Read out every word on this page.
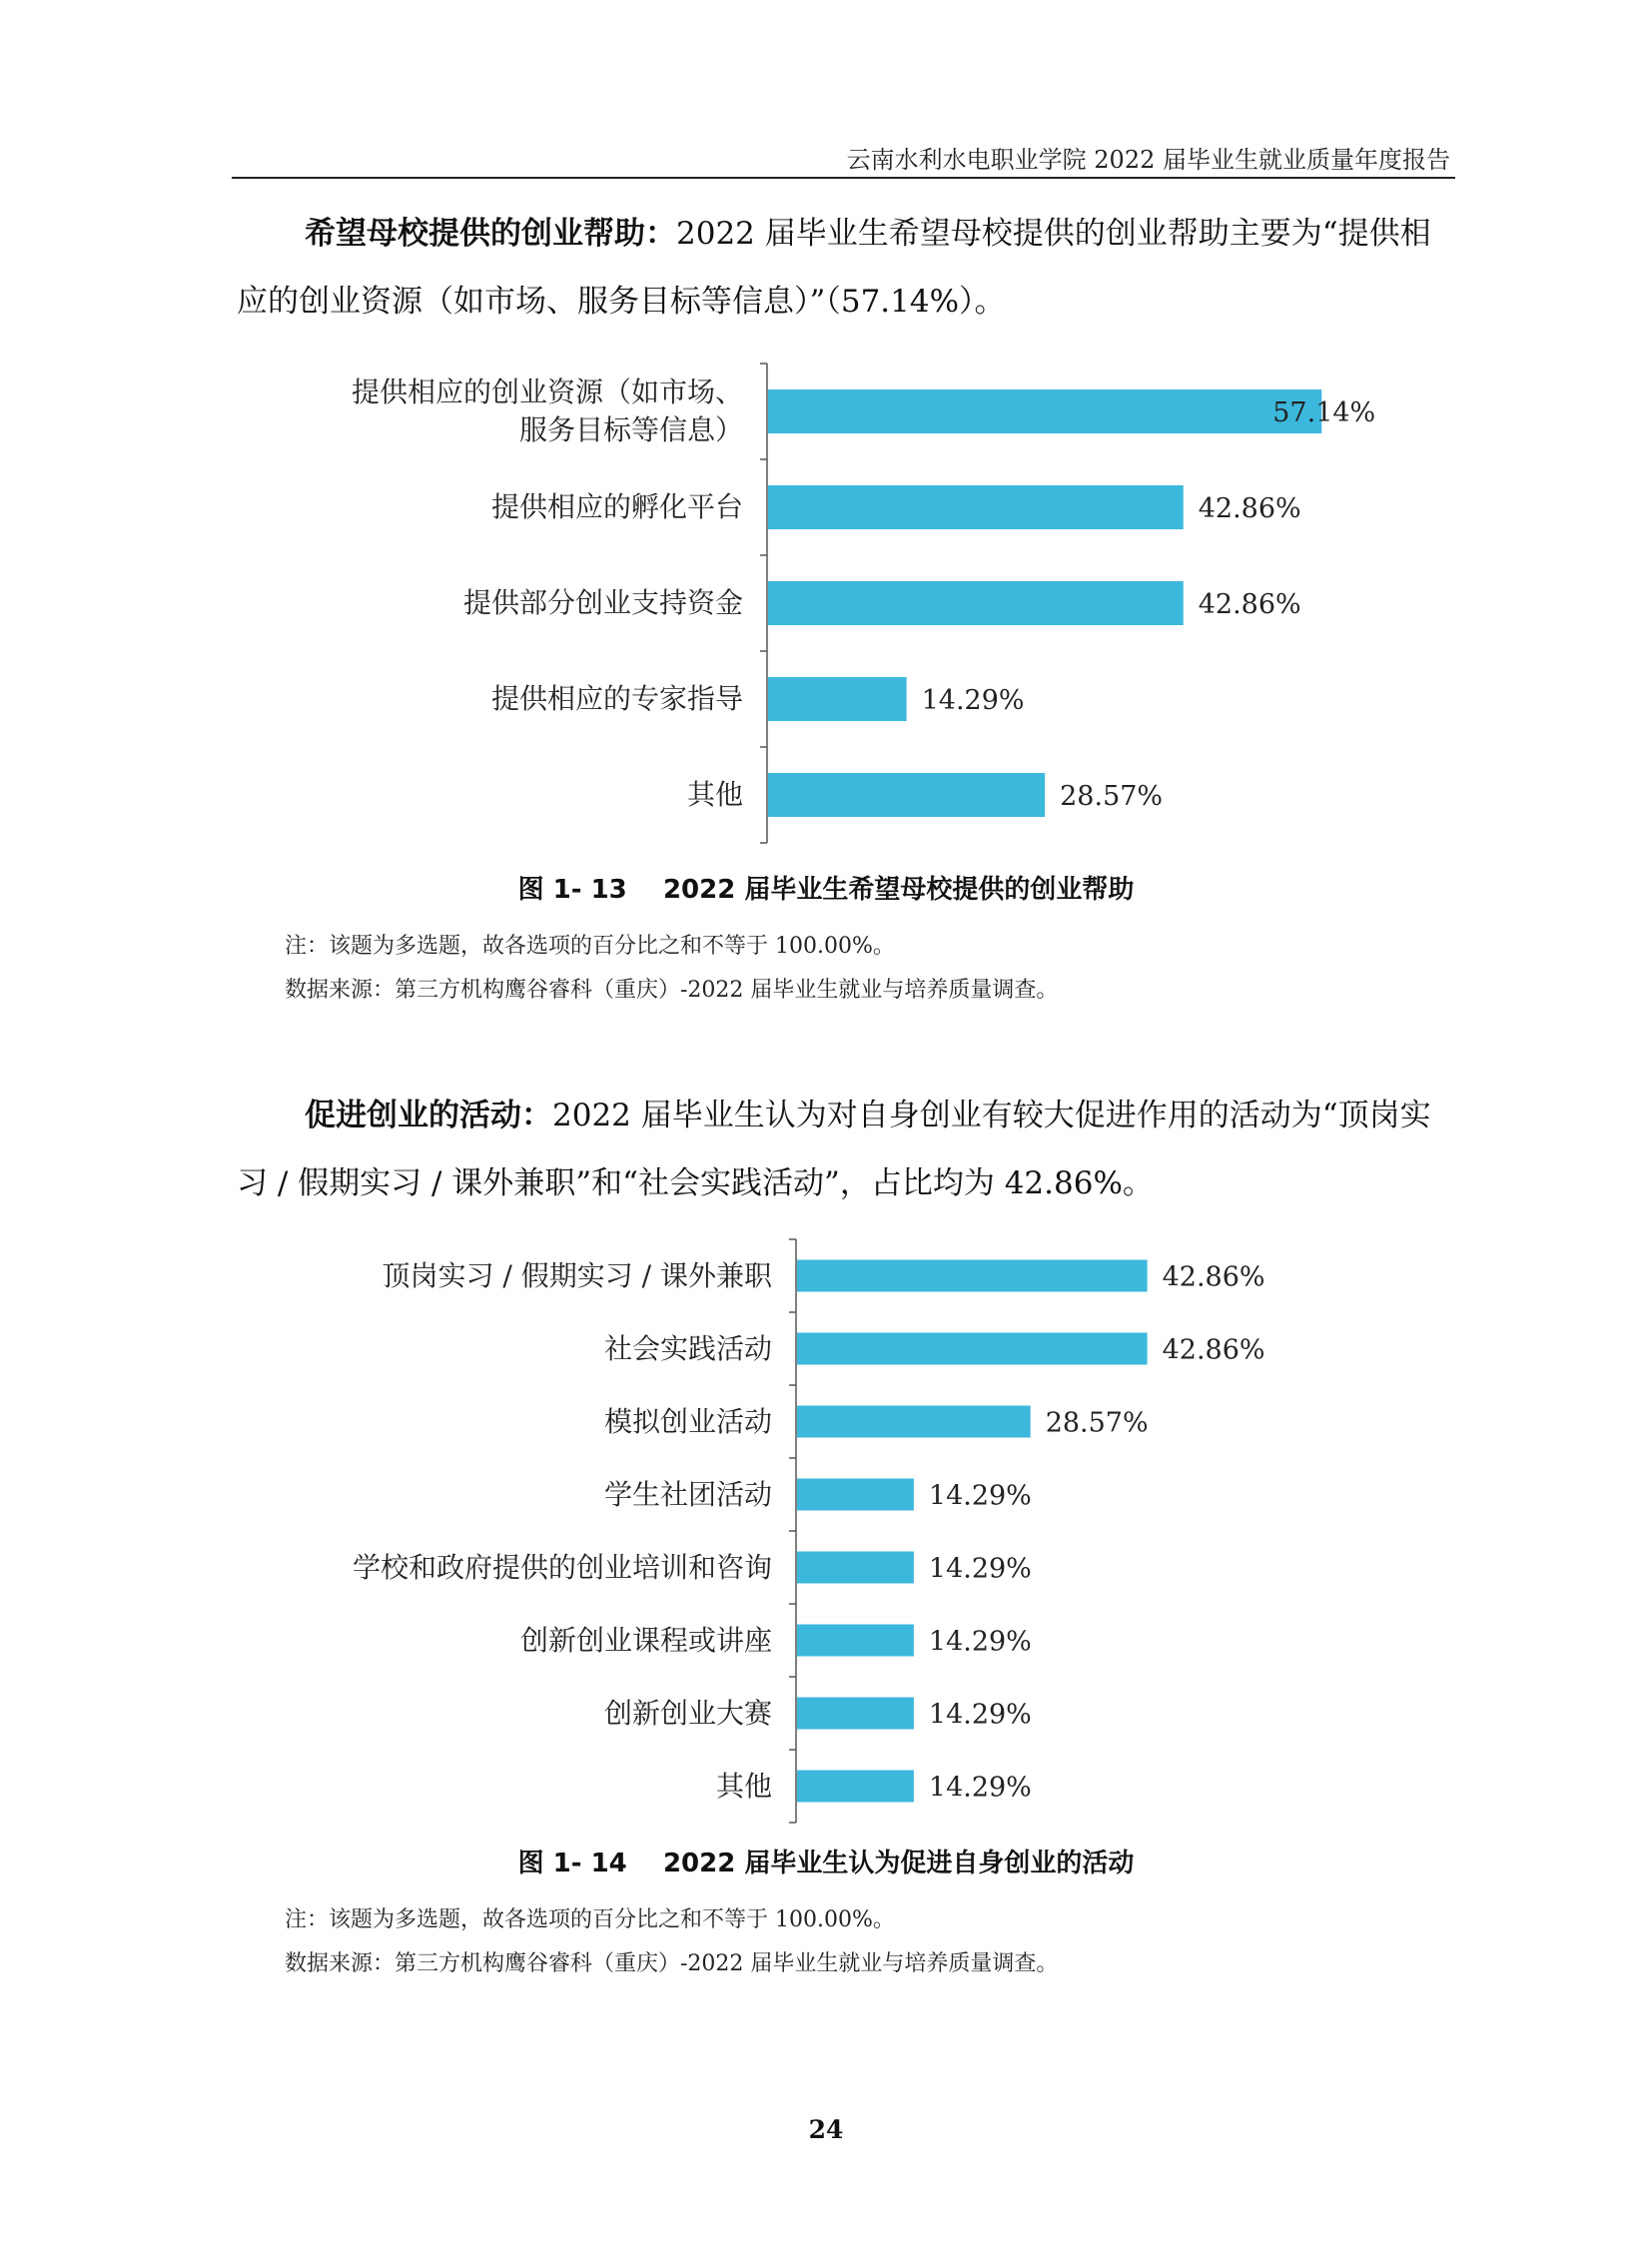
云南水利水电职业学院 2022 届毕业生就业质量年度报告
希望母校提供的创业帮助：2022 届毕业生希望母校提供的创业帮助主要为“提供相应的创业资源（如市场、服务目标等信息）”（57.14%）。
提供相应的创业资源（如市场、
服务目标等信息）
提供相应的孵化平台
提供部分创业支持资金
提供相应的专家指导
其他
57.14%
42.86%
42.86%
14.29%
28.57%
图 1- 13    2022 届毕业生希望母校提供的创业帮助
注：该题为多选题，故各选项的百分比之和不等于 100.00%。
数据来源：第三方机构鹰谷睿科（重庆）-2022 届毕业生就业与培养质量调查。
促进创业的活动：2022 届毕业生认为对自身创业有较大促进作用的活动为“顶岗实习 / 假期实习 / 课外兼职”和“社会实践活动”，占比均为 42.86%。
顶岗实习 / 假期实习 / 课外兼职
社会实践活动
模拟创业活动
学生社团活动
学校和政府提供的创业培训和咨询
创新创业课程或讲座
创新创业大赛
其他
42.86%
42.86%
28.57%
14.29%
14.29%
14.29%
14.29%
14.29%
图 1- 14    2022 届毕业生认为促进自身创业的活动
注：该题为多选题，故各选项的百分比之和不等于 100.00%。
数据来源：第三方机构鹰谷睿科（重庆）-2022 届毕业生就业与培养质量调查。
24
